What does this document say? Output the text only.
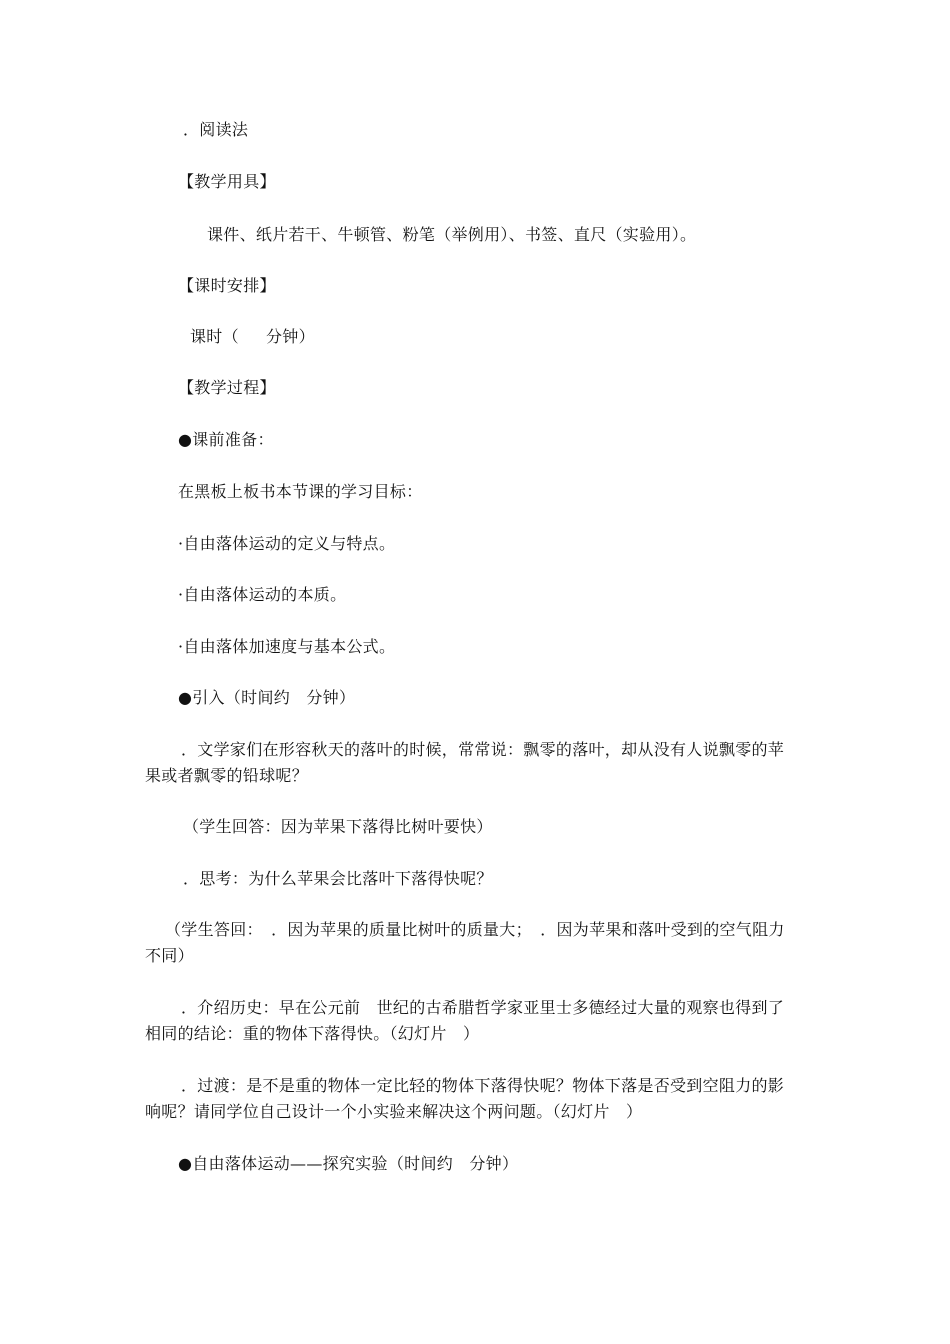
．阅读法
【教学用具】
课件、纸片若干、牛顿管、粉笔（举例用）、书签、直尺（实验用）。
【课时安排】
课时（　  分钟）
【教学过程】
●课前准备：
在黑板上板书本节课的学习目标：
·自由落体运动的定义与特点。
·自由落体运动的本质。
·自由落体加速度与基本公式。
●引入（时间约　分钟）
．文学家们在形容秋天的落叶的时候，常常说：飘零的落叶，却从没有人说飘零的苹
果或者飘零的铅球呢？
（学生回答：因为苹果下落得比树叶要快）
．思考：为什么苹果会比落叶下落得快呢？
（学生答回：　．因为苹果的质量比树叶的质量大；　．因为苹果和落叶受到的空气阻力
不同）
．介绍历史：早在公元前　世纪的古希腊哲学家亚里士多德经过大量的观察也得到了
相同的结论：重的物体下落得快。（幻灯片　）
．过渡：是不是重的物体一定比轻的物体下落得快呢？物体下落是否受到空阻力的影
响呢？请同学位自己设计一个小实验来解决这个两问题。（幻灯片　）
●自由落体运动——探究实验（时间约　分钟）
